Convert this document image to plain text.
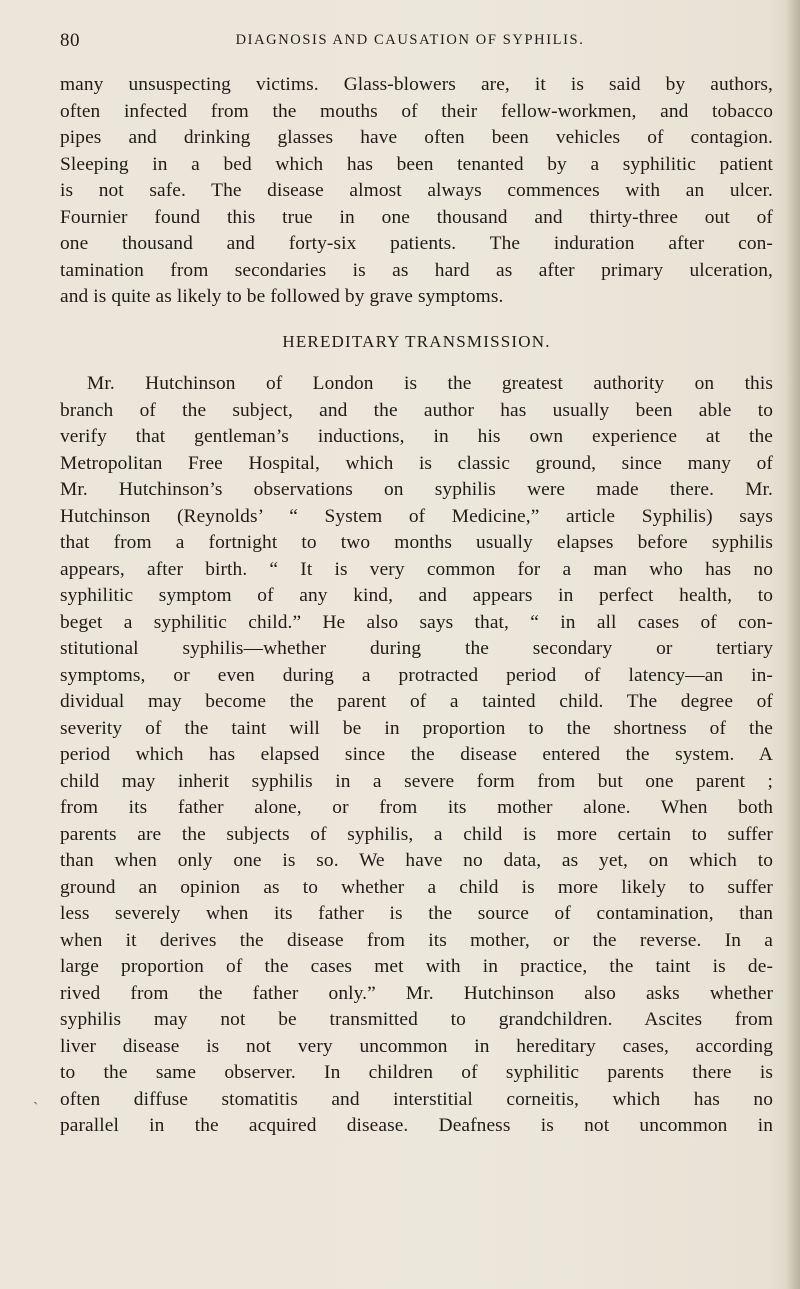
80	DIAGNOSIS AND CAUSATION OF SYPHILIS.
many unsuspecting victims. Glass-blowers are, it is said by authors,
often infected from the mouths of their fellow-workmen, and tobacco
pipes and drinking glasses have often been vehicles of contagion.
Sleeping in a bed which has been tenanted by a syphilitic patient
is not safe. The disease almost always commences with an ulcer.
Fournier found this true in one thousand and thirty-three out of
one thousand and forty-six patients. The induration after con-
tamination from secondaries is as hard as after primary ulceration,
and is quite as likely to be followed by grave symptoms.
HEREDITARY TRANSMISSION.
Mr. Hutchinson of London is the greatest authority on this
branch of the subject, and the author has usually been able to
verify that gentleman’s inductions, in his own experience at the
Metropolitan Free Hospital, which is classic ground, since many of
Mr. Hutchinson’s observations on syphilis were made there. Mr.
Hutchinson (Reynolds’ “ System of Medicine,” article Syphilis) says
that from a fortnight to two months usually elapses before syphilis
appears, after birth. “ It is very common for a man who has no
syphilitic symptom of any kind, and appears in perfect health, to
beget a syphilitic child.” He also says that, “ in all cases of con-
stitutional syphilis—whether during the secondary or tertiary
symptoms, or even during a protracted period of latency—an in-
dividual may become the parent of a tainted child. The degree of
severity of the taint will be in proportion to the shortness of the
period which has elapsed since the disease entered the system. A
child may inherit syphilis in a severe form from but one parent ;
from its father alone, or from its mother alone. When both
parents are the subjects of syphilis, a child is more certain to suffer
than when only one is so. We have no data, as yet, on which to
ground an opinion as to whether a child is more likely to suffer
less severely when its father is the source of contamination, than
when it derives the disease from its mother, or the reverse. In a
large proportion of the cases met with in practice, the taint is de-
rived from the father only.” Mr. Hutchinson also asks whether
syphilis may not be transmitted to grandchildren. Ascites from
liver disease is not very uncommon in hereditary cases, according
to the same observer. In children of syphilitic parents there is
often diffuse stomatitis and interstitial corneitis, which has no
parallel in the acquired disease. Deafness is not uncommon in
ˋ
